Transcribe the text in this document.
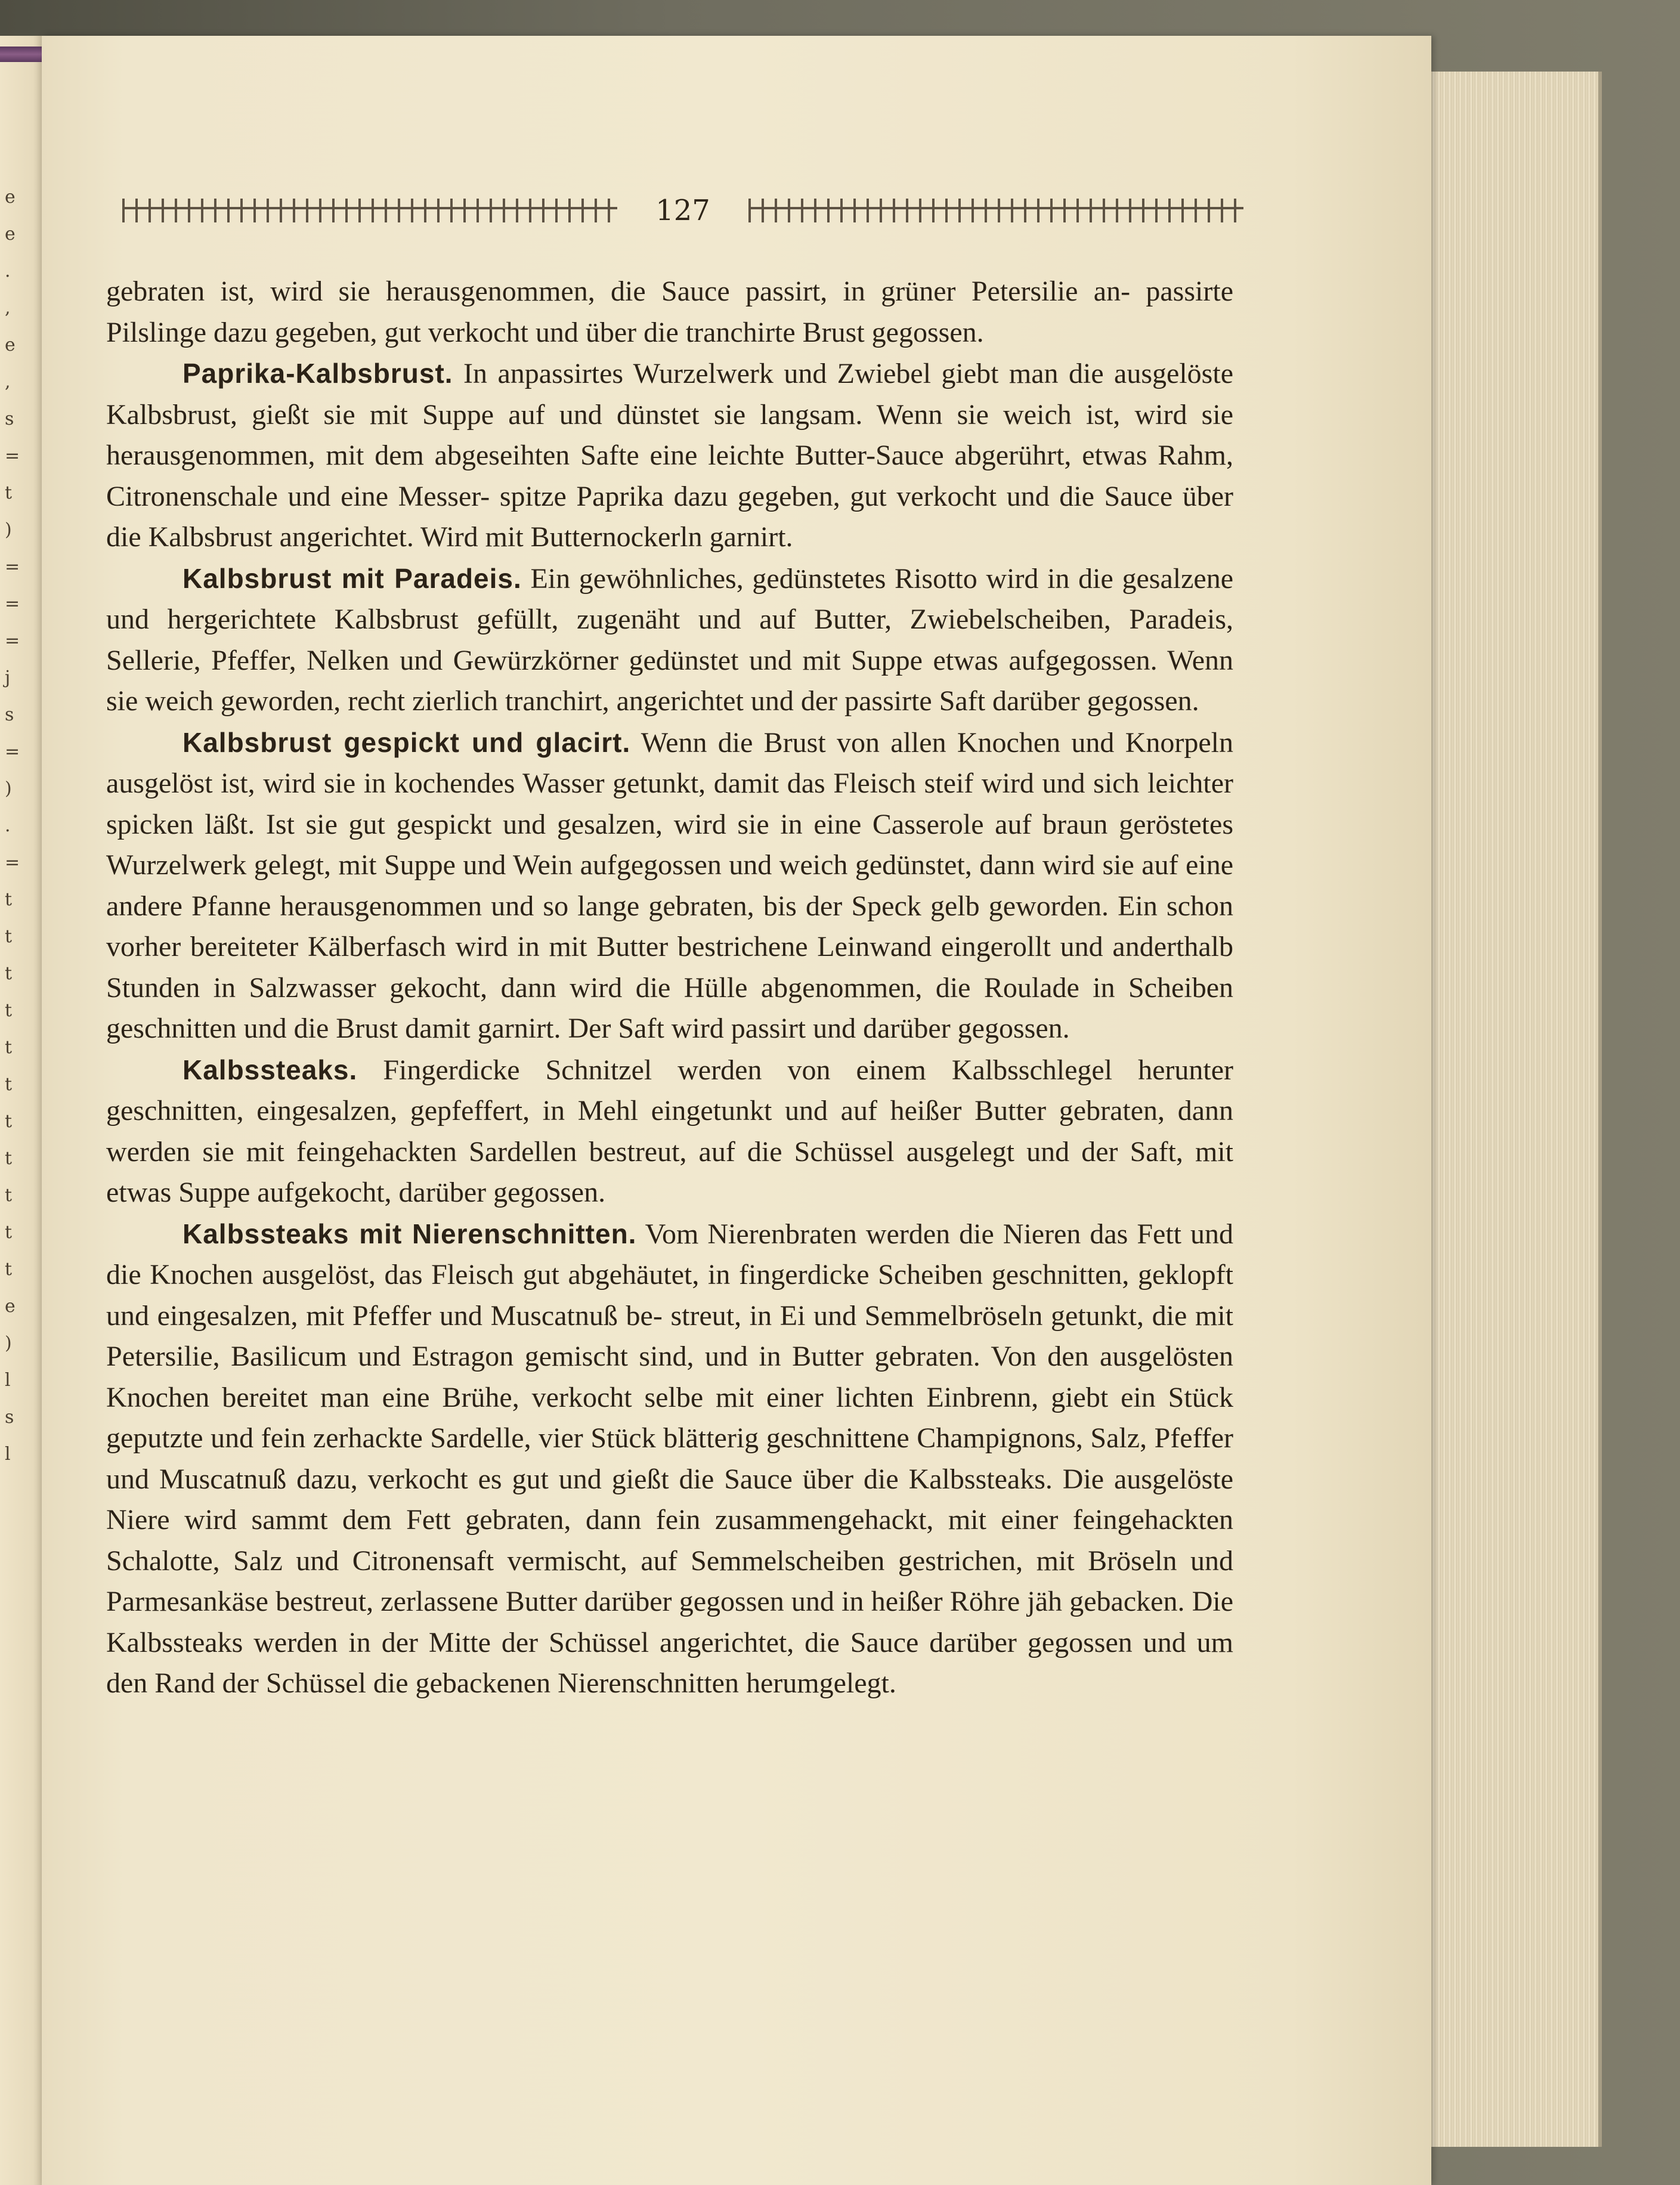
e
e
.
,
e
,
s
=
t
)
=
=
=
j
s
=
)
.
=
t
t
t
t
t
t
t
t
t
t
t
e
)
l
s
l
127

gebraten ist, wird sie herausgenommen, die Sauce passirt, in grüner Petersilie an- passirte Pilslinge dazu gegeben, gut verkocht und über die tranchirte Brust gegossen.

Paprika-Kalbsbrust. In anpassirtes Wurzelwerk und Zwiebel giebt man die ausgelöste Kalbsbrust, gießt sie mit Suppe auf und dünstet sie langsam. Wenn sie weich ist, wird sie herausgenommen, mit dem abgeseihten Safte eine leichte Butter-Sauce abgerührt, etwas Rahm, Citronenschale und eine Messer- spitze Paprika dazu gegeben, gut verkocht und die Sauce über die Kalbsbrust angerichtet. Wird mit Butternockerln garnirt.

Kalbsbrust mit Paradeis. Ein gewöhnliches, gedünstetes Risotto wird in die gesalzene und hergerichtete Kalbsbrust gefüllt, zugenäht und auf Butter, Zwiebelscheiben, Paradeis, Sellerie, Pfeffer, Nelken und Gewürzkörner gedünstet und mit Suppe etwas aufgegossen. Wenn sie weich geworden, recht zierlich tranchirt, angerichtet und der passirte Saft darüber gegossen.

Kalbsbrust gespickt und glacirt. Wenn die Brust von allen Knochen und Knorpeln ausgelöst ist, wird sie in kochendes Wasser getunkt, damit das Fleisch steif wird und sich leichter spicken läßt. Ist sie gut gespickt und gesalzen, wird sie in eine Casserole auf braun geröstetes Wurzelwerk gelegt, mit Suppe und Wein aufgegossen und weich gedünstet, dann wird sie auf eine andere Pfanne herausgenommen und so lange gebraten, bis der Speck gelb geworden. Ein schon vorher bereiteter Kälberfasch wird in mit Butter bestrichene Leinwand eingerollt und anderthalb Stunden in Salzwasser gekocht, dann wird die Hülle abgenommen, die Roulade in Scheiben geschnitten und die Brust damit garnirt. Der Saft wird passirt und darüber gegossen.

Kalbssteaks. Fingerdicke Schnitzel werden von einem Kalbsschlegel herunter geschnitten, eingesalzen, gepfeffert, in Mehl eingetunkt und auf heißer Butter gebraten, dann werden sie mit feingehackten Sardellen bestreut, auf die Schüssel ausgelegt und der Saft, mit etwas Suppe aufgekocht, darüber gegossen.

Kalbssteaks mit Nierenschnitten. Vom Nierenbraten werden die Nieren das Fett und die Knochen ausgelöst, das Fleisch gut abgehäutet, in fingerdicke Scheiben geschnitten, geklopft und eingesalzen, mit Pfeffer und Muscatnuß be- streut, in Ei und Semmelbröseln getunkt, die mit Petersilie, Basilicum und Estragon gemischt sind, und in Butter gebraten. Von den ausgelösten Knochen bereitet man eine Brühe, verkocht selbe mit einer lichten Einbrenn, giebt ein Stück geputzte und fein zerhackte Sardelle, vier Stück blätterig geschnittene Champignons, Salz, Pfeffer und Muscatnuß dazu, verkocht es gut und gießt die Sauce über die Kalbssteaks. Die ausgelöste Niere wird sammt dem Fett gebraten, dann fein zusammengehackt, mit einer feingehackten Schalotte, Salz und Citronensaft vermischt, auf Semmelscheiben gestrichen, mit Bröseln und Parmesankäse bestreut, zerlassene Butter darüber gegossen und in heißer Röhre jäh gebacken. Die Kalbssteaks werden in der Mitte der Schüssel angerichtet, die Sauce darüber gegossen und um den Rand der Schüssel die gebackenen Nierenschnitten herumgelegt.
